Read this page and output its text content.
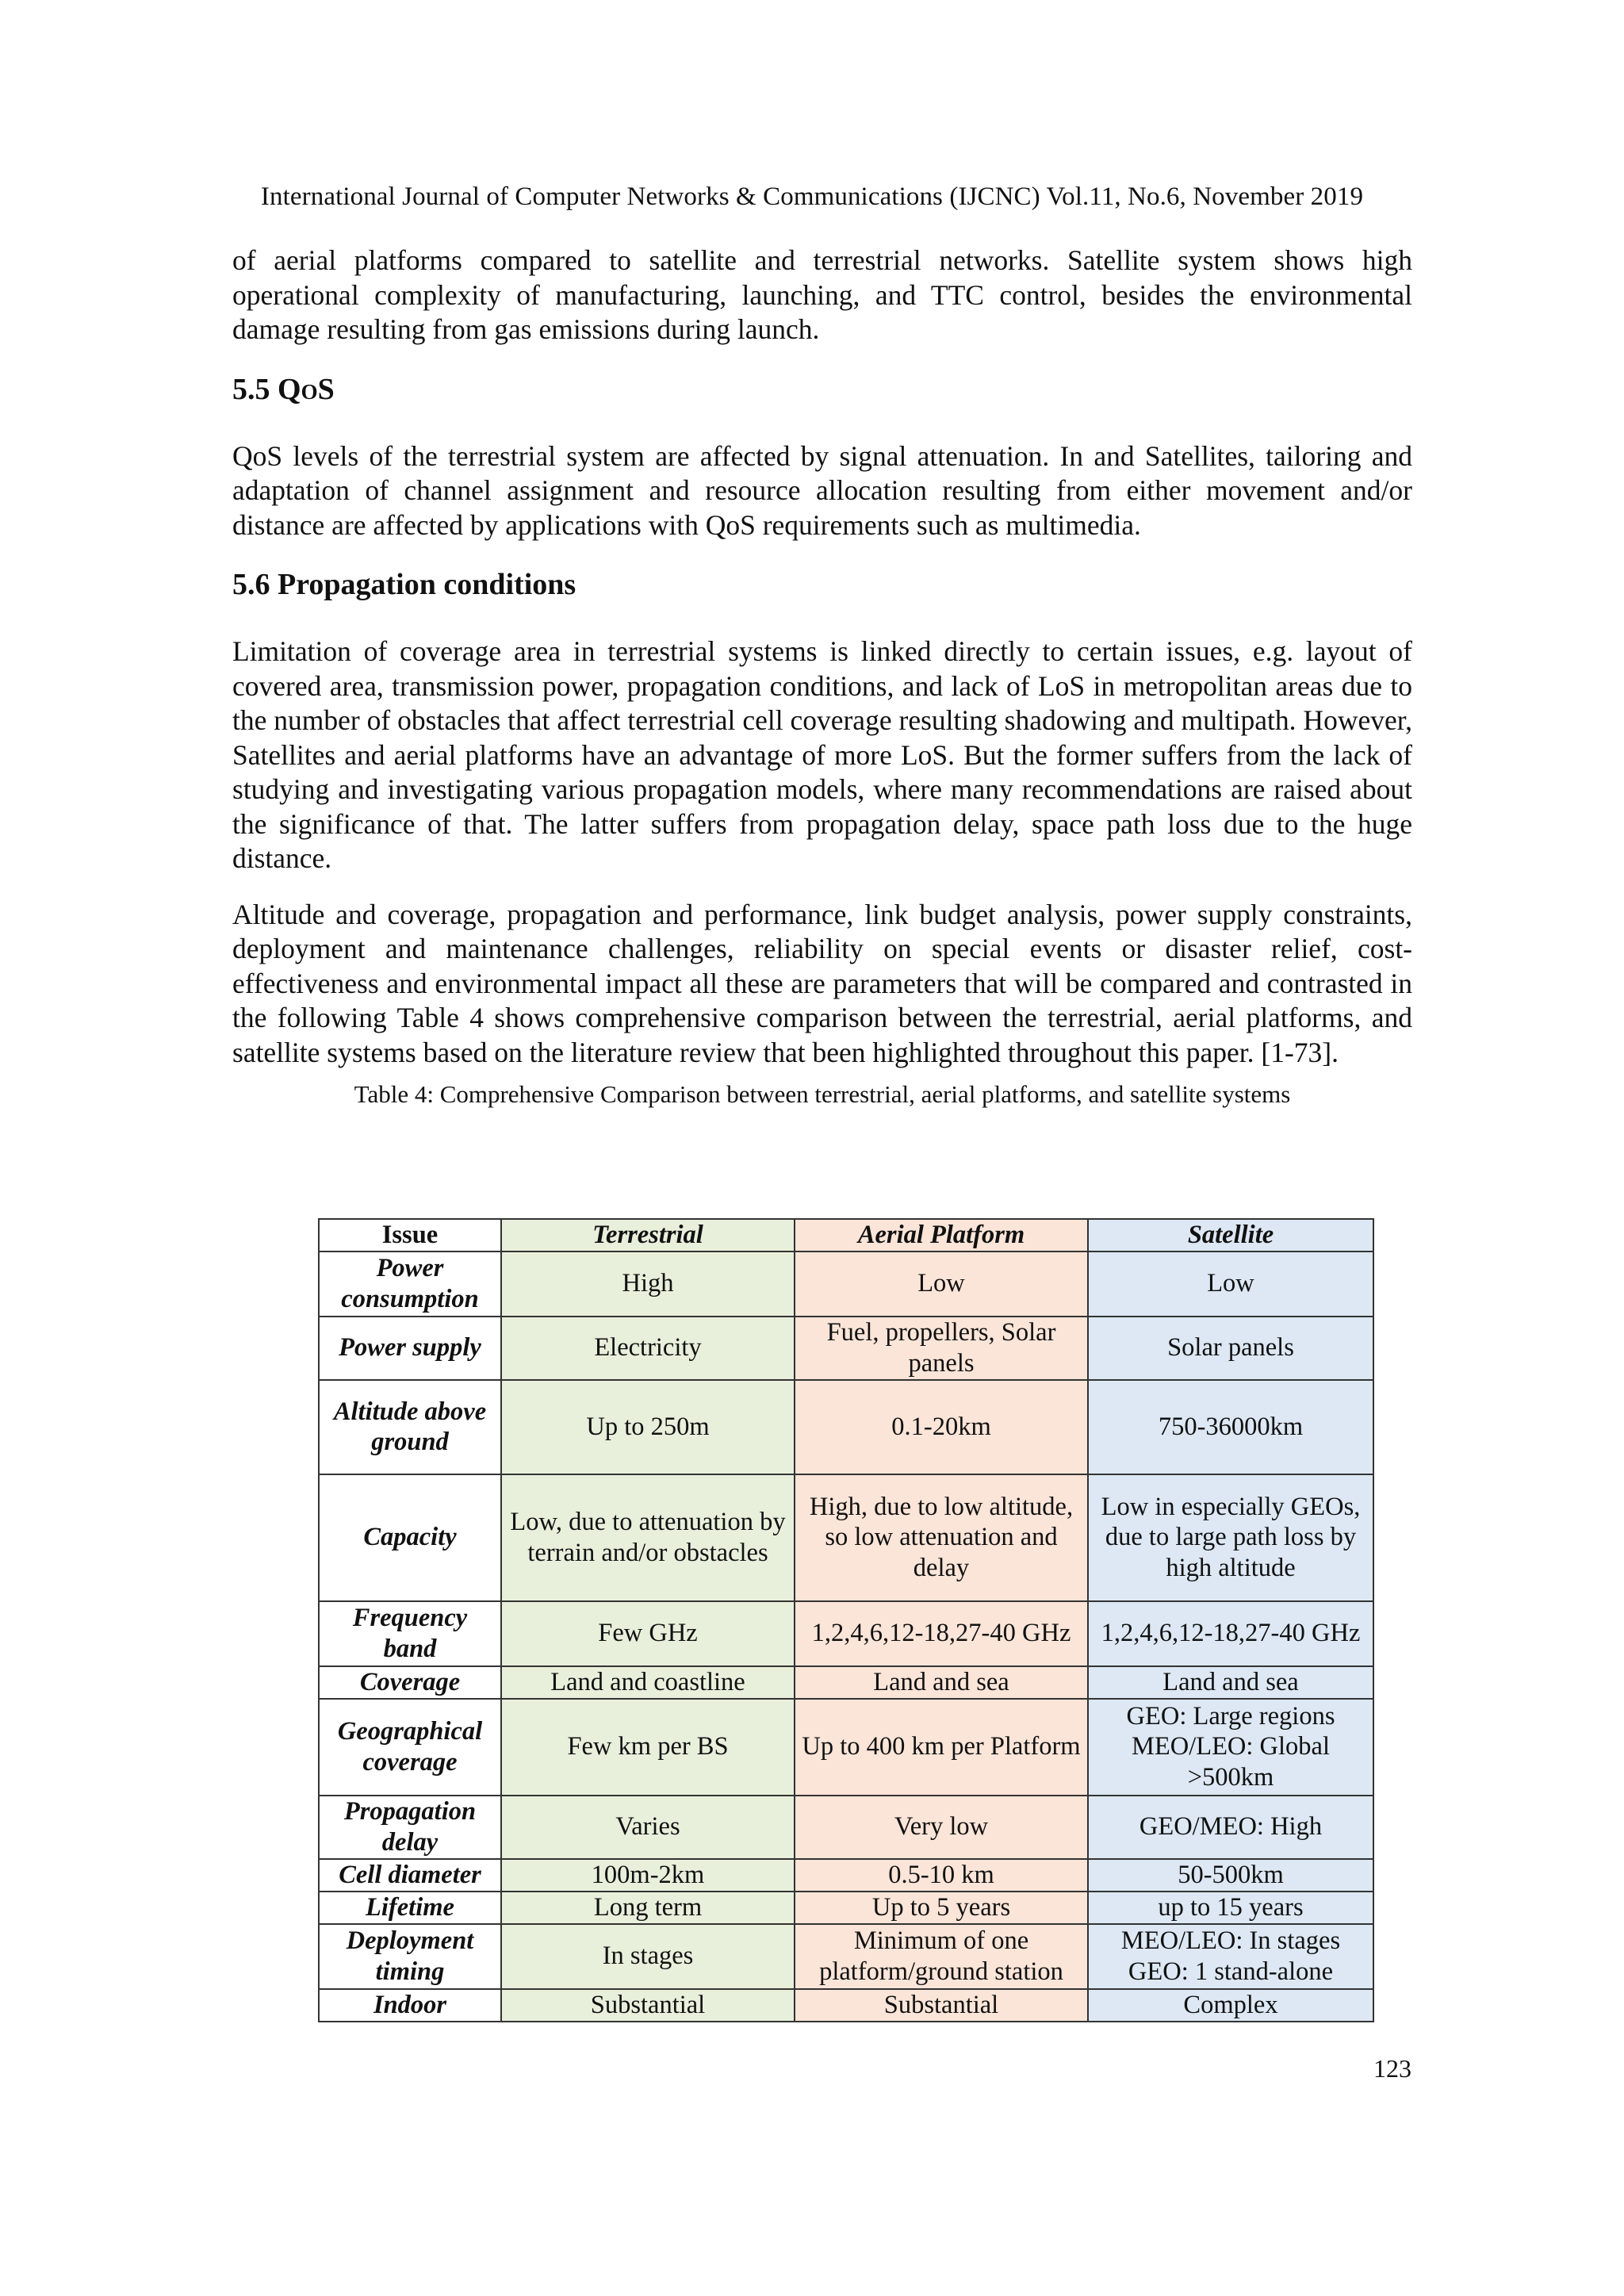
International Journal of Computer Networks & Communications (IJCNC) Vol.11, No.6, November 2019

of aerial platforms compared to satellite and terrestrial networks. Satellite system shows high operational complexity of manufacturing, launching, and TTC control, besides the environmental damage resulting from gas emissions during launch.

5.5 QoS

QoS levels of the terrestrial system are affected by signal attenuation. In and Satellites, tailoring and adaptation of channel assignment and resource allocation resulting from either movement and/or distance are affected by applications with QoS requirements such as multimedia.

5.6 Propagation conditions

Limitation of coverage area in terrestrial systems is linked directly to certain issues, e.g. layout of covered area, transmission power, propagation conditions, and lack of LoS in metropolitan areas due to the number of obstacles that affect terrestrial cell coverage resulting shadowing and multipath. However, Satellites and aerial platforms have an advantage of more LoS. But the former suffers from the lack of studying and investigating various propagation models, where many recommendations are raised about the significance of that. The latter suffers from propagation delay, space path loss due to the huge distance.

Altitude and coverage, propagation and performance, link budget analysis, power supply constraints, deployment and maintenance challenges, reliability on special events or disaster relief, cost-effectiveness and environmental impact all these are parameters that will be compared and contrasted in the following Table 4 shows comprehensive comparison between the terrestrial, aerial platforms, and satellite systems based on the literature review that been highlighted throughout this paper. [1-73].

Table 4: Comprehensive Comparison between terrestrial, aerial platforms, and satellite systems

Issue	Terrestrial	Aerial Platform	Satellite
Power consumption	High	Low	Low
Power supply	Electricity	Fuel, propellers, Solar panels	Solar panels
Altitude above ground	Up to 250m	0.1-20km	750-36000km
Capacity	Low, due to attenuation by terrain and/or obstacles	High, due to low altitude, so low attenuation and delay	Low in especially GEOs, due to large path loss by high altitude
Frequency band	Few GHz	1,2,4,6,12-18,27-40 GHz	1,2,4,6,12-18,27-40 GHz
Coverage	Land and coastline	Land and sea	Land and sea
Geographical coverage	Few km per BS	Up to 400 km per Platform	GEO: Large regions MEO/LEO: Global >500km
Propagation delay	Varies	Very low	GEO/MEO: High
Cell diameter	100m-2km	0.5-10 km	50-500km
Lifetime	Long term	Up to 5 years	up to 15 years
Deployment timing	In stages	Minimum of one platform/ground station	MEO/LEO: In stages GEO: 1 stand-alone
Indoor	Substantial	Substantial	Complex
123
